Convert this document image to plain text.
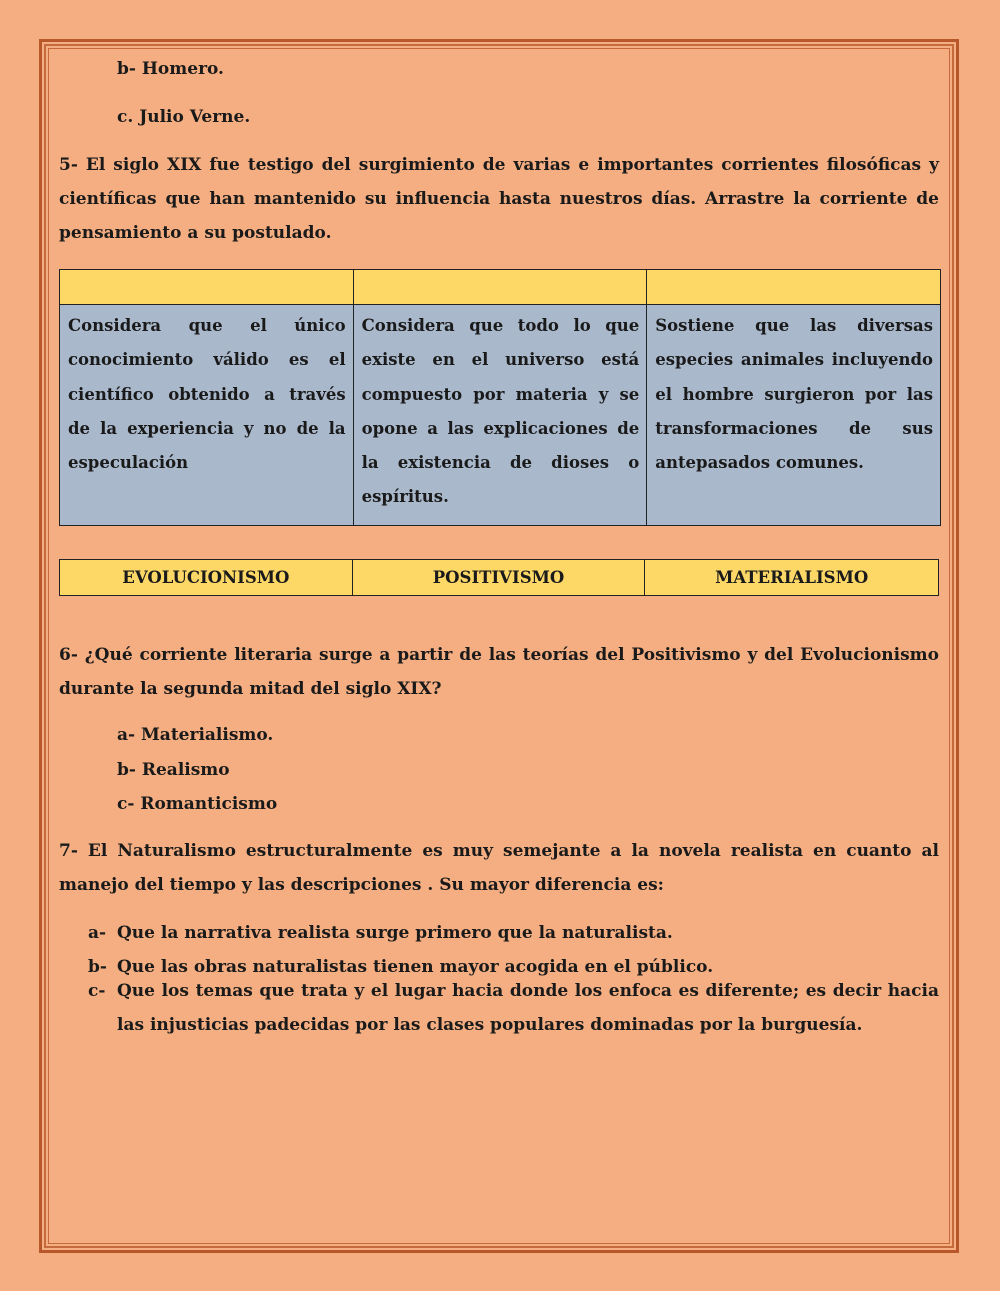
b- Homero.
c. Julio Verne.

5- El siglo XIX fue testigo del surgimiento de varias e importantes corrientes filosóficas y científicas que han mantenido su influencia hasta nuestros días. Arrastre la corriente de pensamiento a su postulado.

Considera que el único conocimiento válido es el científico obtenido a través de la experiencia y no de la especulación	Considera que todo lo que existe en el universo está compuesto por materia y se opone a las explicaciones de la existencia de dioses o espíritus.	Sostiene que las diversas especies animales incluyendo el hombre surgieron por las transformaciones de sus antepasados comunes.
EVOLUCIONISMO	POSITIVISMO	MATERIALISMO

6- ¿Qué corriente literaria surge a partir de las teorías del Positivismo y del Evolucionismo durante la segunda mitad del siglo XIX?

a- Materialismo.
b- Realismo
c- Romanticismo

7- El Naturalismo estructuralmente es muy semejante a la novela realista en cuanto al manejo del tiempo y las descripciones . Su mayor diferencia es:

a- Que la narrativa realista surge primero que la naturalista.
b- Que las obras naturalistas tienen mayor acogida en el público.
c- Que los temas que trata y el lugar hacia donde los enfoca es diferente; es decir hacia las injusticias padecidas por las clases populares dominadas por la burguesía.
